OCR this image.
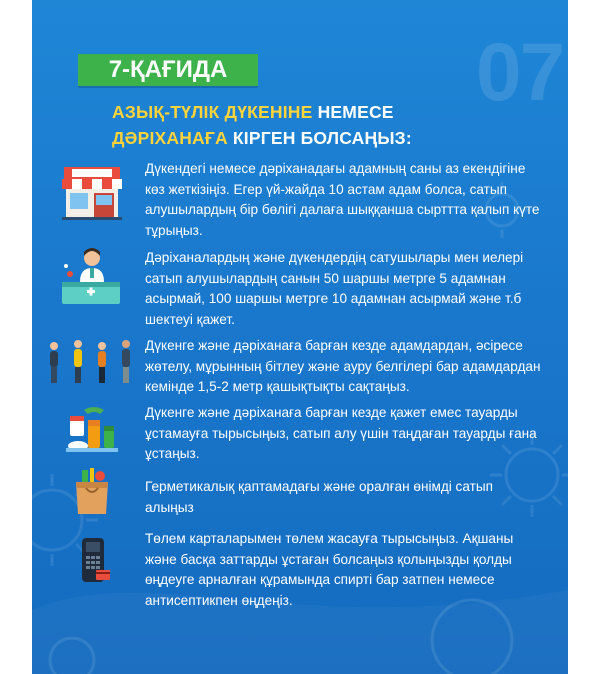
07
7-ҚАҒИДА
АЗЫҚ-ТҮЛІК ДҮКЕНІНЕ НЕМЕСЕ
ДӘРІХАНАҒА КІРГЕН БОЛСАҢЫЗ:
Дүкендегі немесе дәріханадағы адамның саны аз екендігіне көз жеткізіңіз. Егер үй-жайда 10 астам адам болса, сатып алушылардың бір бөлігі далаға шыққанша сырттта қалып күте тұрыңыз.
Дәріханалардың және дүкендердің сатушылары мен иелері сатып алушылардың санын 50 шаршы метрге 5 адамнан асырмай, 100 шаршы метрге 10 адамнан асырмай және т.б шектеуі қажет.
Дүкенге және дәріханаға барған кезде адамдардан, әсіресе жөтелу, мұрынның бітлеу және ауру белгілері бар адамдардан кемінде 1,5-2 метр қашықтықты сақтаңыз.
Дүкенге және дәріханаға барған кезде қажет емес тауарды ұстамауға тырысыңыз, сатып алу үшін таңдаған тауарды ғана ұстаңыз.
Герметикалық қаптамадағы және оралған өнімді сатып алыңыз
Төлем карталарымен төлем жасауға тырысыңыз. Ақшаны және басқа заттарды ұстаған болсаңыз қолыңызды қолды өңдеуге арналған құрамында спирті бар затпен немесе антисептикпен өңдеңіз.
